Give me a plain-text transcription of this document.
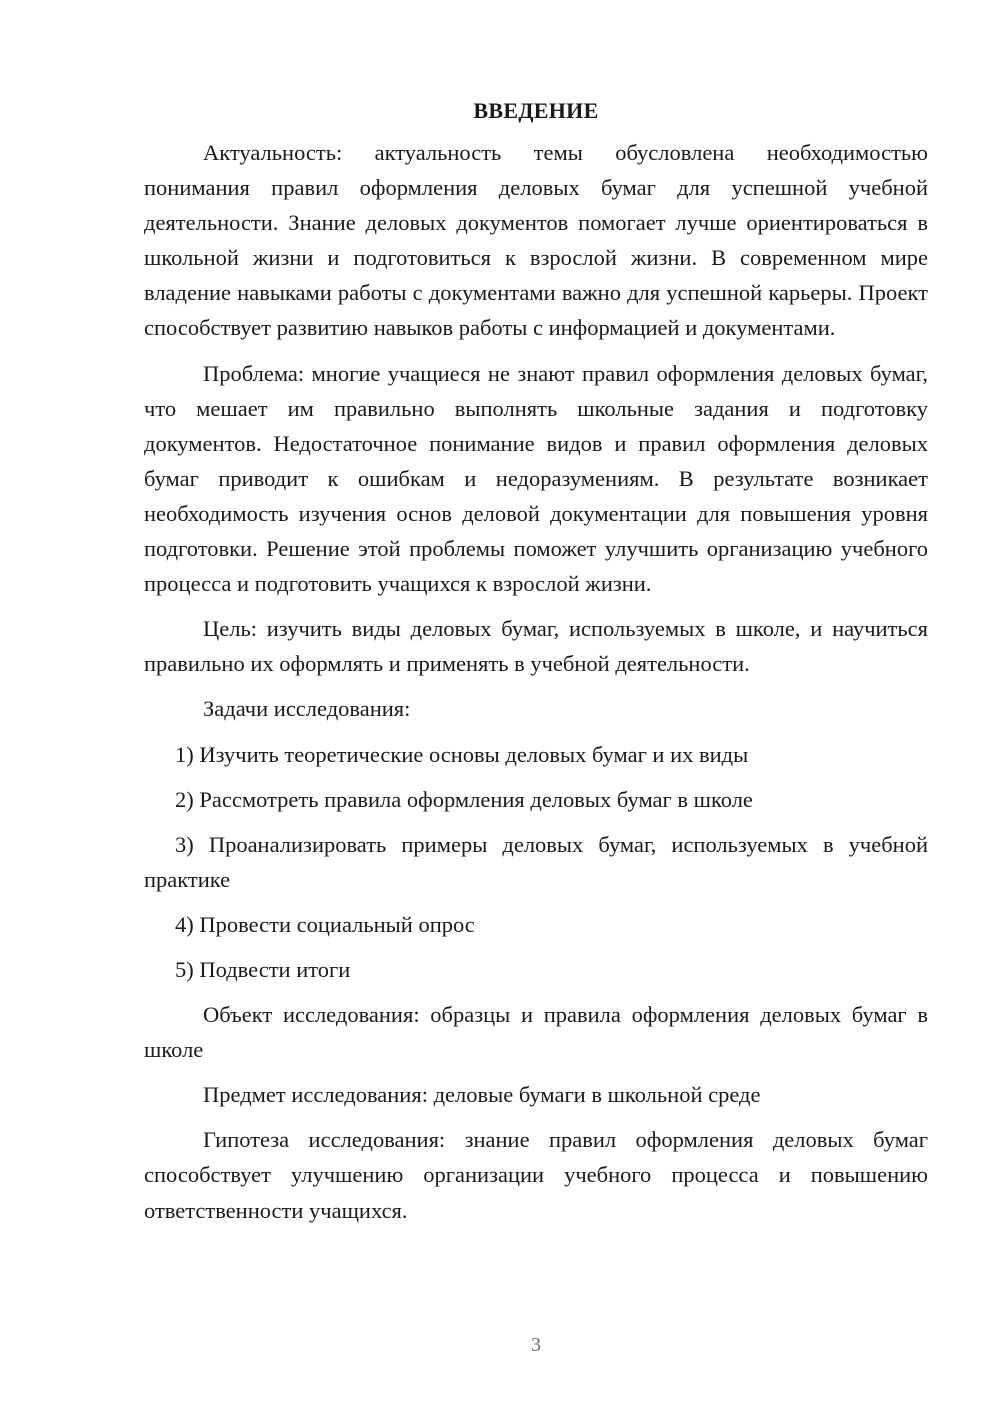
ВВЕДЕНИЕ

Актуальность: актуальность темы обусловлена необходимостью понимания правил оформления деловых бумаг для успешной учебной деятельности. Знание деловых документов помогает лучше ориентироваться в школьной жизни и подготовиться к взрослой жизни. В современном мире владение навыками работы с документами важно для успешной карьеры. Проект способствует развитию навыков работы с информацией и документами.

Проблема: многие учащиеся не знают правил оформления деловых бумаг, что мешает им правильно выполнять школьные задания и подготовку документов. Недостаточное понимание видов и правил оформления деловых бумаг приводит к ошибкам и недоразумениям. В результате возникает необходимость изучения основ деловой документации для повышения уровня подготовки. Решение этой проблемы поможет улучшить организацию учебного процесса и подготовить учащихся к взрослой жизни.

Цель: изучить виды деловых бумаг, используемых в школе, и научиться правильно их оформлять и применять в учебной деятельности.

Задачи исследования:

1) Изучить теоретические основы деловых бумаг и их виды

2) Рассмотреть правила оформления деловых бумаг в школе

3) Проанализировать примеры деловых бумаг, используемых в учебной практике

4) Провести социальный опрос

5) Подвести итоги

Объект исследования: образцы и правила оформления деловых бумаг в школе

Предмет исследования: деловые бумаги в школьной среде

Гипотеза исследования: знание правил оформления деловых бумаг способствует улучшению организации учебного процесса и повышению ответственности учащихся.

3
